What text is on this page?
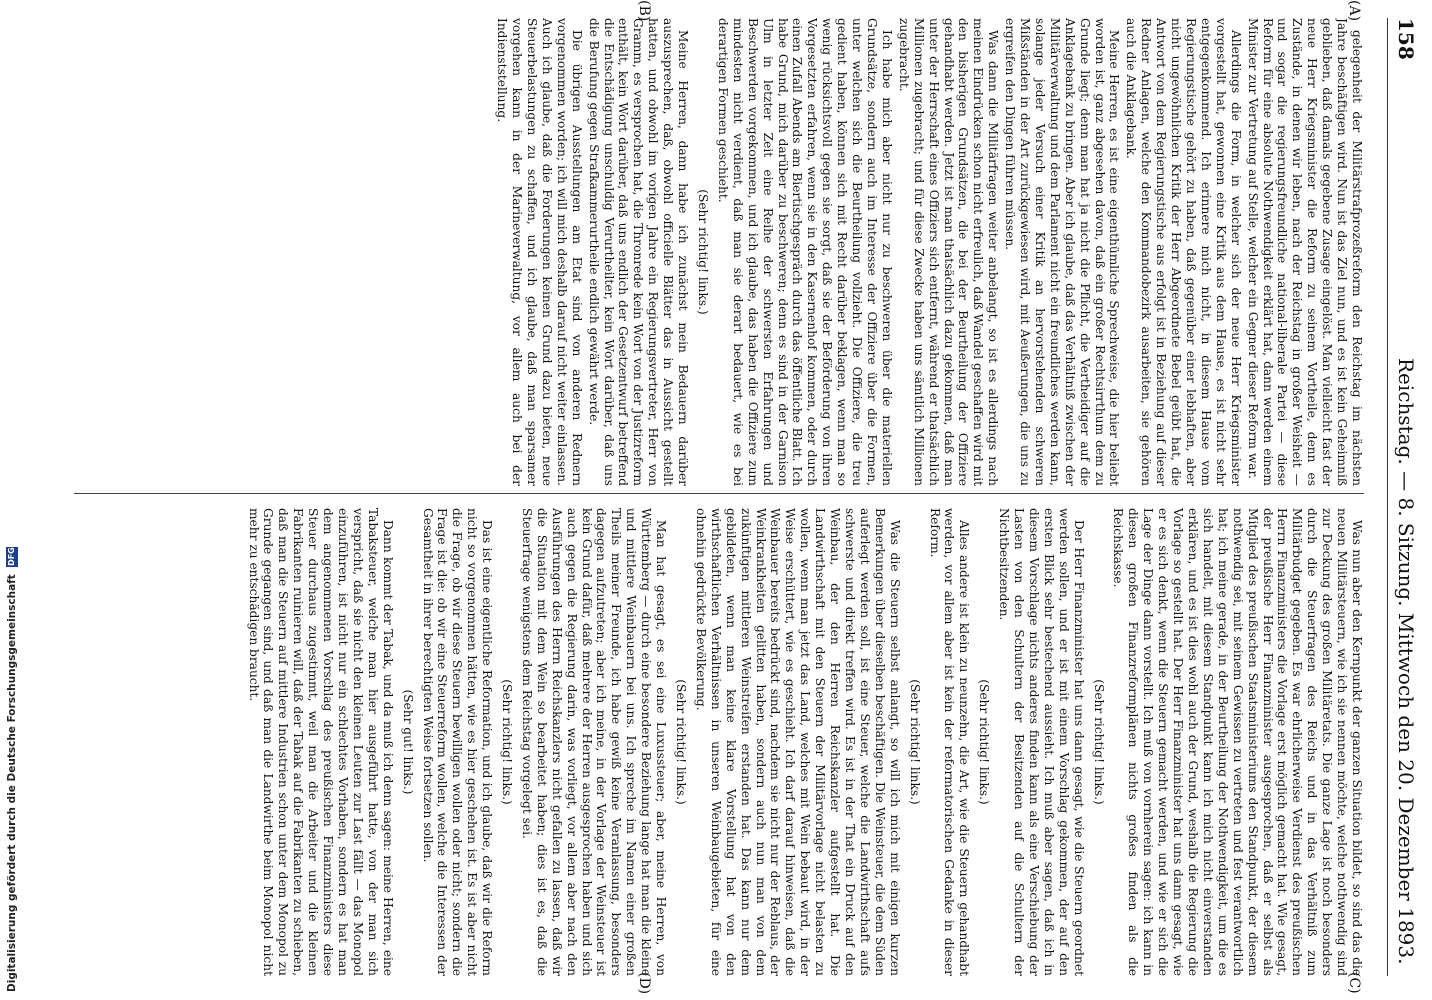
158
Reichstag. — 8. Sitzung. Mittwoch den 20. Dezember 1893.
(A)
(B)
(C)
(D)

gelegenheit der Militärstrafprozeßreform den Reichstag im nächsten Jahre beschäftigen wird. Nun ist das Ziel nun, und es ist kein Geheimniß geblieben, daß damals gegebene Zusage eingelöst. Man vielleicht fast der neue Herr Kriegsminister die Reform zu seinem Vortheile, denn es Zustände, in denen wir leben, nach der Reichstag in großer Weisheit — und sogar die regierungsfreundliche national-liberale Partei — diese Reform für eine absolute Nothwendigkeit erklärt hat, dann werden einem Minister zur Vertretung auf Stelle, welcher ein Gegner dieser Reform war.

Allerdings die Form, in welcher sich der neue Herr Kriegsminister vorgestellt hat, gewonnen eine Kritik aus dem Hause, es ist nicht sehr entgegenkommend. Ich erinnere mich nicht, in diesem Hause vom Regierungstische gehört zu haben, daß gegenüber einer lebhaften, aber nicht ungewöhnlichen Kritik der Herr Abgeordnete Bebel geübt hat, die Antwort von dem Regierungstische aus erfolgt ist in Beziehung auf dieser Redner Anlagen, welche den Kommandobezirk ausarbeiten, sie gehören auch die Anklagebank.

Meine Herren, es ist eine eigenthümliche Sprechweise, die hier beliebt worden ist, ganz abgesehen davon, daß ein großer Rechtsirrthum dem zu Grunde liegt; denn man hat ja nicht die Pflicht, die Vertheidiger auf die Anklagebank zu bringen. Aber ich glaube, daß das Verhältniß zwischen der Militärverwaltung und dem Parlament nicht ein freundliches werden kann, solange jeder Versuch einer Kritik an hervorstehenden schweren Mißständen in der Art zurückgewiesen wird, mit Aeußerungen, die uns zu ergreifen den Dingen führen müssen.

Was dann die Militärfragen weiter anbelangt, so ist es allerdings nach meinen Eindrücken schon nicht erfreulich, daß Wandel geschaffen wird mit den bisherigen Grundsätzen, die bei der Beurtheilung der Offiziere gehandhabt werden. Jetzt ist man thatsächlich dazu gekommen, daß man unter der Herrschaft eines Offiziers sich entfernt, während er thatsächlich Millionen zugebracht; und für diese Zwecke haben uns sämtlich Millionen zugebracht.

Ich habe mich aber nicht nur zu beschweren über die materiellen Grundsätze, sondern auch im Interesse der Offiziere über die Formen, unter welchen sich die Beurtheilung vollzieht. Die Offiziere, die treu gedient haben, können sich mit Recht darüber beklagen, wenn man so wenig rücksichtsvoll gegen sie sorgt, daß sie der Beförderung von ihren Vorgesetzten erfahren, wenn sie in den Kasernenhof kommen, oder durch einen Zufall Abends am Biertischgespräch durch das öffentliche Blatt. Ich habe Grund, mich darüber zu beschweren; denn es sind in der Garnison Ulm in letzter Zeit eine Reihe der schwersten Erfahrungen und Beschwerden vorgekommen, und ich glaube, das haben die Offiziere zum mindesten nicht verdient, daß man sie derart bedauert, wie es bei derartigen Formen geschieht.

(Sehr richtig! links.)

Meine Herren, dann habe ich zunächst mein Bedauern darüber auszusprechen, daß, obwohl officielle Blätter das in Aussicht gestellt hatten, und obwohl im vorigen Jahre ein Regierungsvertreter, Herr von Gramm, es versprochen hat, die Thronrede kein Wort von der Justizreform enthält, kein Wort darüber, daß uns endlich der Gesetzentwurf betreffend die Entschädigung unschuldig Verurtheilter, kein Wort darüber, daß uns die Berufung gegen Strafkammerurtheile endlich gewährt werde.

Die übrigen Ausstellungen am Etat sind von anderen Rednern vorgenommen worden; ich will mich deshalb darauf nicht weiter einlassen. Auch ich glaube, daß die Forderungen keinen Grund dazu bieten, neue Steuerbelastungen zu schaffen, und ich glaube, daß man sparsamer vorgehen kann in der Marineverwaltung, vor allem auch bei der Indienststellung.

Was nun aber den Kernpunkt der ganzen Situation bildet, so sind das die neuen Militärsteuern, wie ich sie nennen möchte, welche nothwendig sind zur Deckung des großen Militäretats. Die ganze Lage ist noch besonders durch die Steuerfragen des Reichs und in das Verhältniß zum Militärbudget gegeben. Es war ehrlicherweise Verdienst des preußischen Herrn Finanzministers die Vorlage erst möglich gemacht hat. Wie gesagt, der preußische Herr Finanzminister ausgesprochen, daß er selbst als Mitglied des preußischen Staatsministeriums den Standpunkt, der diesem nothwendig sei, mit seinem Gewissen zu vertreten und fest verantwortlich hat; ich meine gerade, in der Beurtheilung der Nothwendigkeit, um die es sich handelt, mit diesem Standpunkt kann ich mich nicht einverstanden erklären, und es ist dies wohl auch der Grund, weshalb die Regierung die Vorlage so gestellt hat. Der Herr Finanzminister hat uns dann gesagt, wie er es sich denkt, wenn die Steuern gemacht werden, und wie er sich die Lage der Dinge dann vorstellt. Ich muß von vornherein sagen: ich kann in diesen großen Finanzreformplänen nichts großes finden als die Reichskasse.

(Sehr richtig! links.)

Der Herr Finanzminister hat uns dann gesagt, wie die Steuern geordnet werden sollen, und er ist mit einem Vorschlag gekommen, der auf den ersten Blick sehr bestechend aussieht. Ich muß aber sagen, daß ich in diesem Vorschlage nichts anderes finden kann als eine Verschiebung der Lasten von den Schultern der Besitzenden auf die Schultern der Nichtbesitzenden.

(Sehr richtig! links.)

Alles andere ist klein zu neunzehn, die Art, wie die Steuern gehandhabt werden, vor allem aber ist kein der reformatorischen Gedanke in dieser Reform.

(Sehr richtig! links.)

Was die Steuern selbst anlangt, so will ich mich mit einigen kurzen Bemerkungen über dieselben beschäftigen. Die Weinsteuer, die dem Süden auferlegt werden soll, ist eine Steuer, welche die Landwirthschaft aufs schwerste und direkt treffen wird. Es ist in der That ein Druck auf den Weinbau, der den Herren Reichskanzler aufgestellt hat. Die Landwirthschaft mit den Steuern der Militärvorlage nicht belasten zu wollen, wenn man jetzt das Land, welches mit Wein bebaut wird, in der Weise erschüttert, wie es geschieht. Ich darf darauf hinweisen, daß die Weinbauer bereits bedrückt sind, nachdem sie nicht nur der Reblaus, der Weinkrankheiten gelitten haben, sondern auch nun man von dem zukünftigen mittleren Weinstreifen erstanden hat. Das kann nur dem gebildeten, wenn man keine klare Vorstellung hat von den wirthschaftlichen Verhältnissen in unseren Weinbaugebieten, für eine ohnehin gedrückte Bevölkerung.

(Sehr richtig! links.)

Man hat gesagt, es sei eine Luxussteuer; aber, meine Herren, von Württemberg — durch eine besondere Beziehung lange hat man die kleine und mittlere Weinbauern bei uns. Ich spreche im Namen einer großen Theils meiner Freunde, ich habe gewiß keine Veranlassung, besonders dagegen aufzutreten; aber ich meine, in der Vorlage der Weinsteuer ist kein Grund dafür, daß mehrere der Herren ausgesprochen haben und sich auch gegen die Regierung darin, was vorliegt, vor allem aber nach den Ausführungen des Herrn Reichskanzlers nicht gefallen zu lassen, daß wir die Situation mit dem Wein so bearbeitet haben; dies ist es, daß die Steuerfrage wenigstens dem Reichstag vorgelegt sei.

(Sehr richtig! links.)

Das ist eine eigentliche Reformation, und ich glaube, daß wir die Reform nicht so vorgenommen hätten, wie es hier geschehen ist. Es ist aber nicht die Frage, ob wir diese Steuern bewilligen wollen oder nicht; sondern die Frage ist die: ob wir eine Steuerreform wollen, welche die Interessen der Gesamtheit in ihrer berechtigten Weise fortsetzen sollen.

(Sehr gut! links.)

Dann kommt der Tabak, und da muß ich denn sagen: meine Herren, eine Tabaksteuer, welche man hier ausgeführt hatte, von der man sich verspricht, daß sie nicht den kleinen Leuten zur Last fällt — das Monopol einzuführen, ist nicht nur ein schlechtes Vorhaben, sondern es hat man dem angenommenen Vorschlag des preußischen Finanzministers diese Steuer durchaus zugestimmt, weil man die Arbeiter und die kleinen Fabrikanten ruinieren will, daß der Tabak auf die Fabrikanten zu schieben, daß man die Steuern auf mittlere Industrien schon unter dem Monopol zu Grunde gegangen sind, und daß man die Landwirthe beim Monopol nicht mehr zu entschädigen braucht.

Digitalisierung gefördert durch die Deutsche Forschungsgemeinschaft DFG
